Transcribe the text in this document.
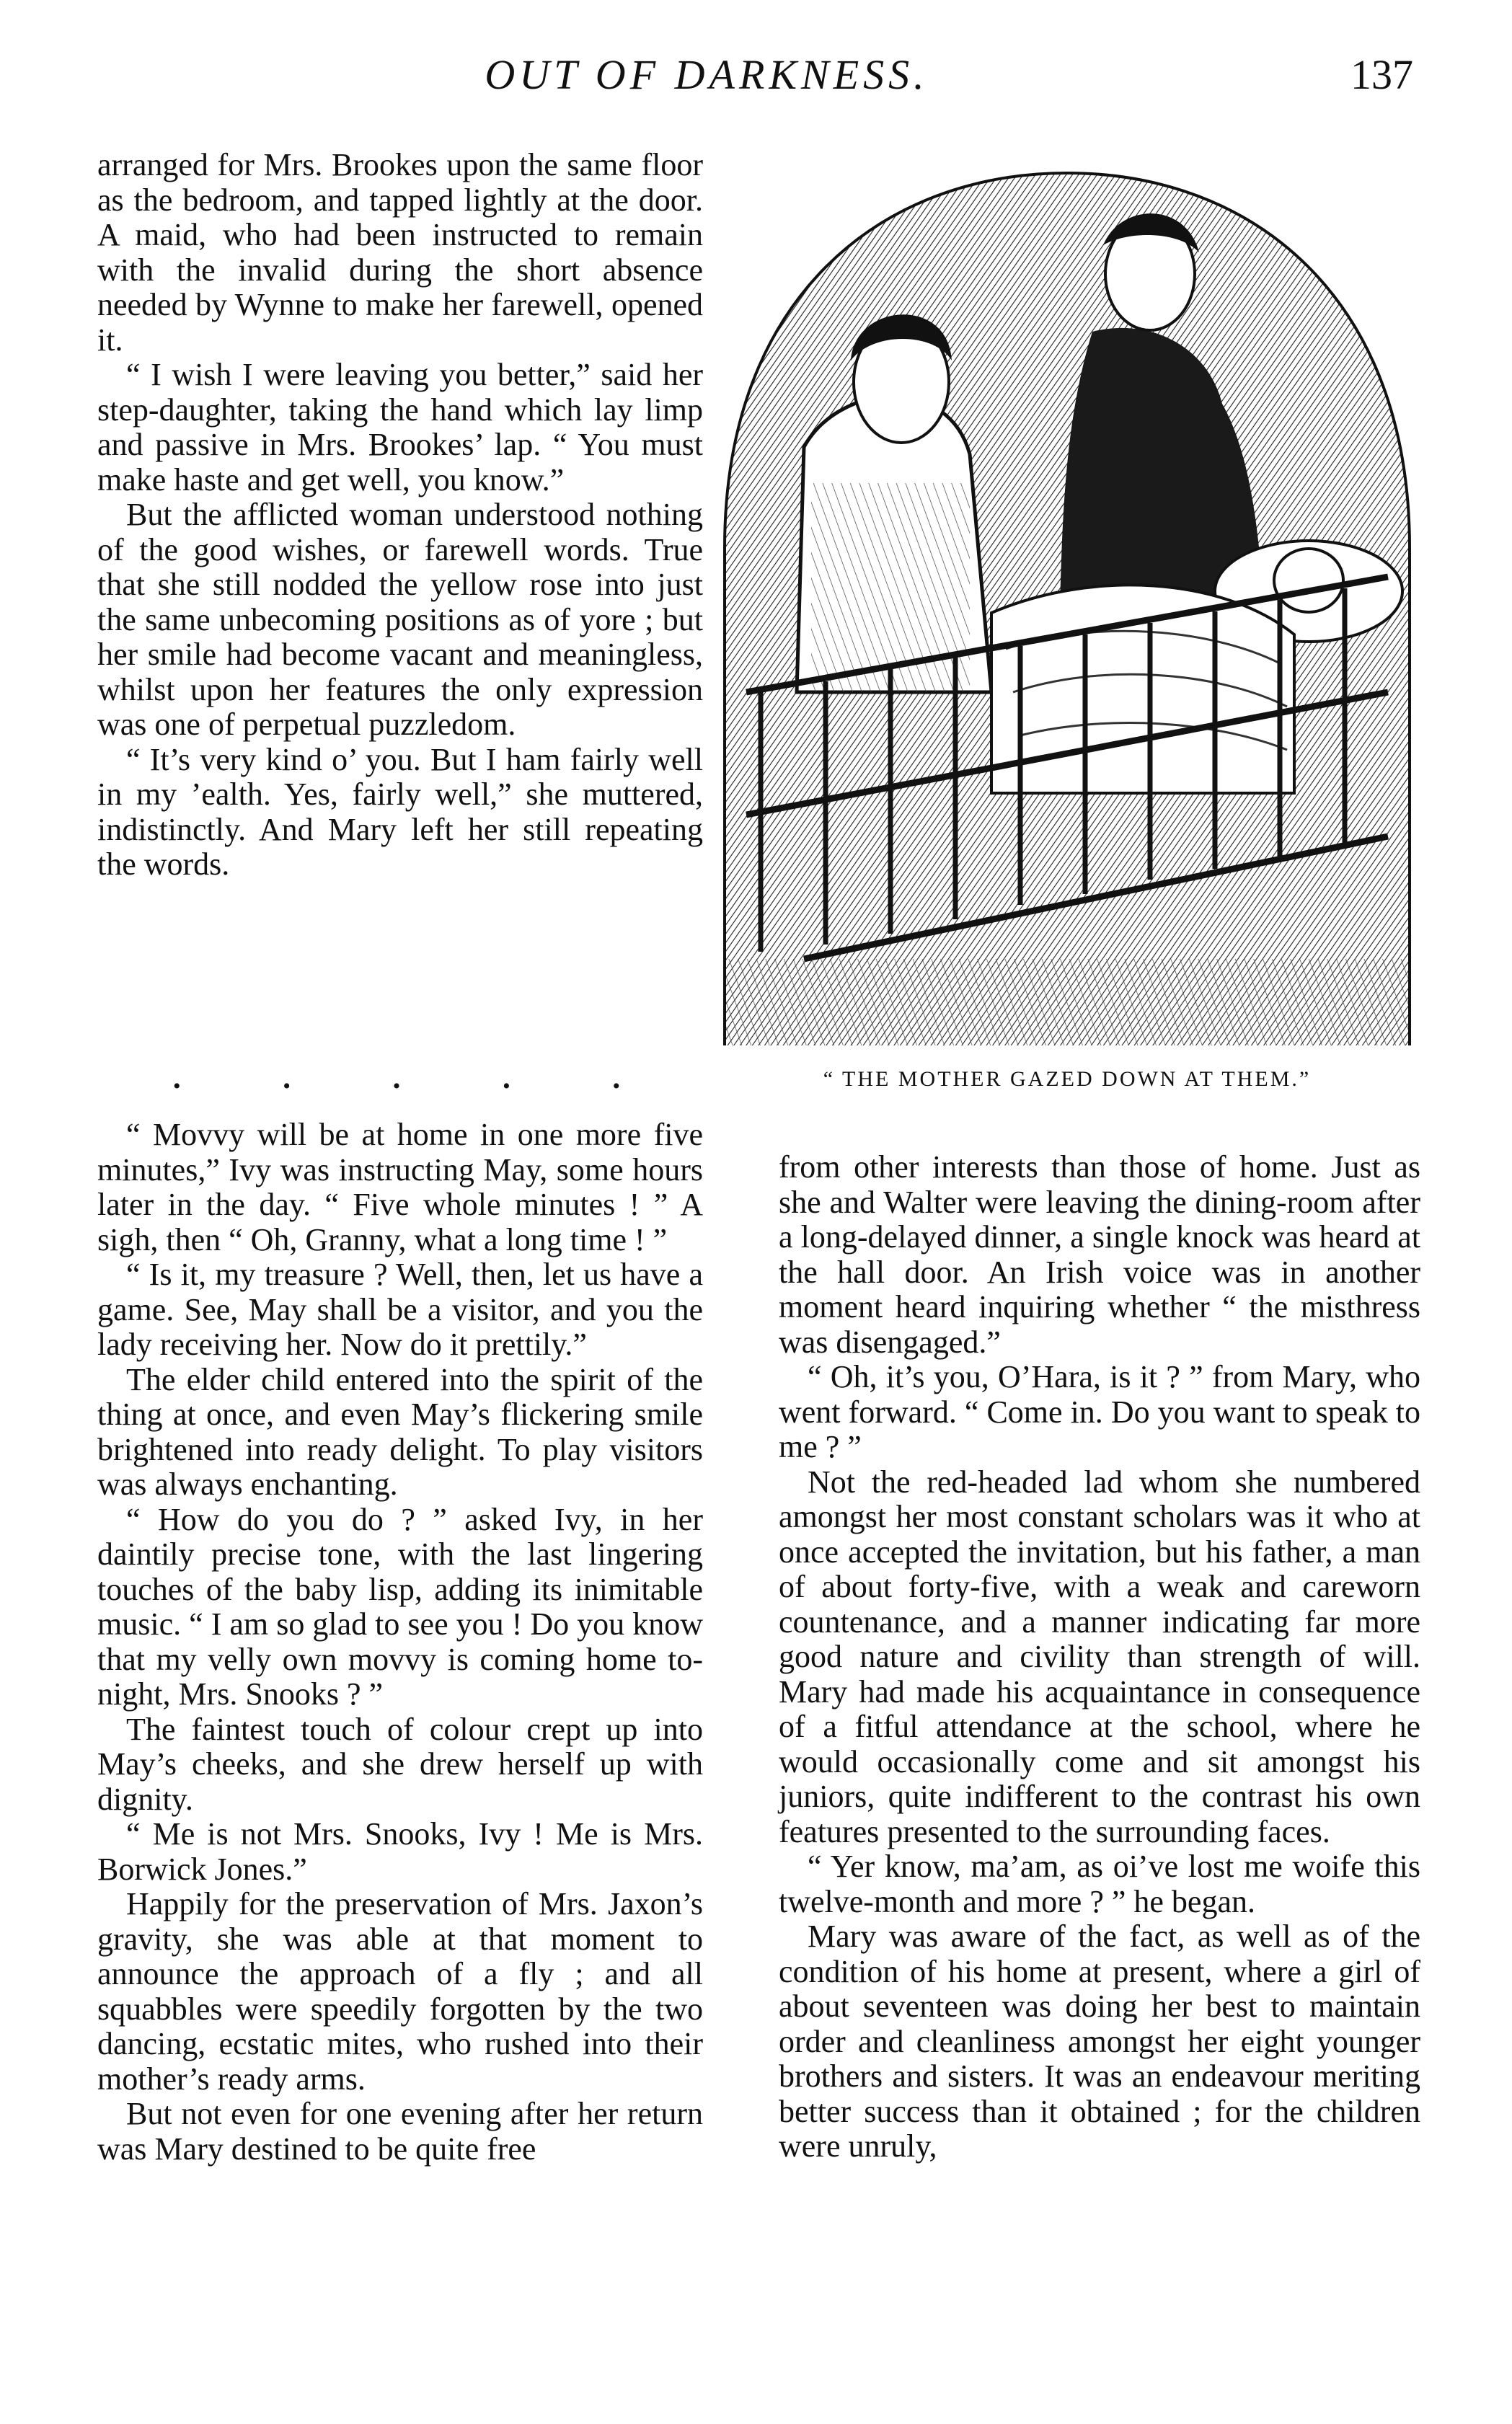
OUT OF DARKNESS.	137

arranged for Mrs. Brookes upon the same floor as the bedroom, and tapped lightly at the door. A maid, who had been instructed to remain with the invalid during the short absence needed by Wynne to make her farewell, opened it.

“ I wish I were leaving you better,” said her step-daughter, taking the hand which lay limp and passive in Mrs. Brookes’ lap. “ You must make haste and get well, you know.”

But the afflicted woman understood nothing of the good wishes, or farewell words. True that she still nodded the yellow rose into just the same unbecoming positions as of yore ; but her smile had become vacant and meaningless, whilst upon her features the only expression was one of perpetual puzzledom.

“ It’s very kind o’ you. But I ham fairly well in my ’ealth. Yes, fairly well,” she muttered, indistinctly. And Mary left her still repeating the words.

“ THE MOTHER GAZED DOWN AT THEM.”
•	•	•	•	•

“ Movvy will be at home in one more five minutes,” Ivy was instructing May, some hours later in the day. “ Five whole minutes ! ” A sigh, then “ Oh, Granny, what a long time ! ”

“ Is it, my treasure ? Well, then, let us have a game. See, May shall be a visitor, and you the lady receiving her. Now do it prettily.”

The elder child entered into the spirit of the thing at once, and even May’s flickering smile brightened into ready delight. To play visitors was always enchanting.

“ How do you do ? ” asked Ivy, in her daintily precise tone, with the last lingering touches of the baby lisp, adding its inimitable music. “ I am so glad to see you ! Do you know that my velly own movvy is coming home to-night, Mrs. Snooks ? ”

The faintest touch of colour crept up into May’s cheeks, and she drew herself up with dignity.

“ Me is not Mrs. Snooks, Ivy ! Me is Mrs. Borwick Jones.”

Happily for the preservation of Mrs. Jaxon’s gravity, she was able at that moment to announce the approach of a fly ; and all squabbles were speedily forgotten by the two dancing, ecstatic mites, who rushed into their mother’s ready arms.

But not even for one evening after her return was Mary destined to be quite free

from other interests than those of home. Just as she and Walter were leaving the dining-room after a long-delayed dinner, a single knock was heard at the hall door. An Irish voice was in another moment heard inquiring whether “ the misthress was disengaged.”

“ Oh, it’s you, O’Hara, is it ? ” from Mary, who went forward. “ Come in. Do you want to speak to me ? ”

Not the red-headed lad whom she numbered amongst her most constant scholars was it who at once accepted the invitation, but his father, a man of about forty-five, with a weak and careworn countenance, and a manner indicating far more good nature and civility than strength of will. Mary had made his acquaintance in consequence of a fitful attendance at the school, where he would occasionally come and sit amongst his juniors, quite indifferent to the contrast his own features presented to the surrounding faces.

“ Yer know, ma’am, as oi’ve lost me woife this twelve-month and more ? ” he began.

Mary was aware of the fact, as well as of the condition of his home at present, where a girl of about seventeen was doing her best to maintain order and cleanliness amongst her eight younger brothers and sisters. It was an endeavour meriting better success than it obtained ; for the children were unruly,
